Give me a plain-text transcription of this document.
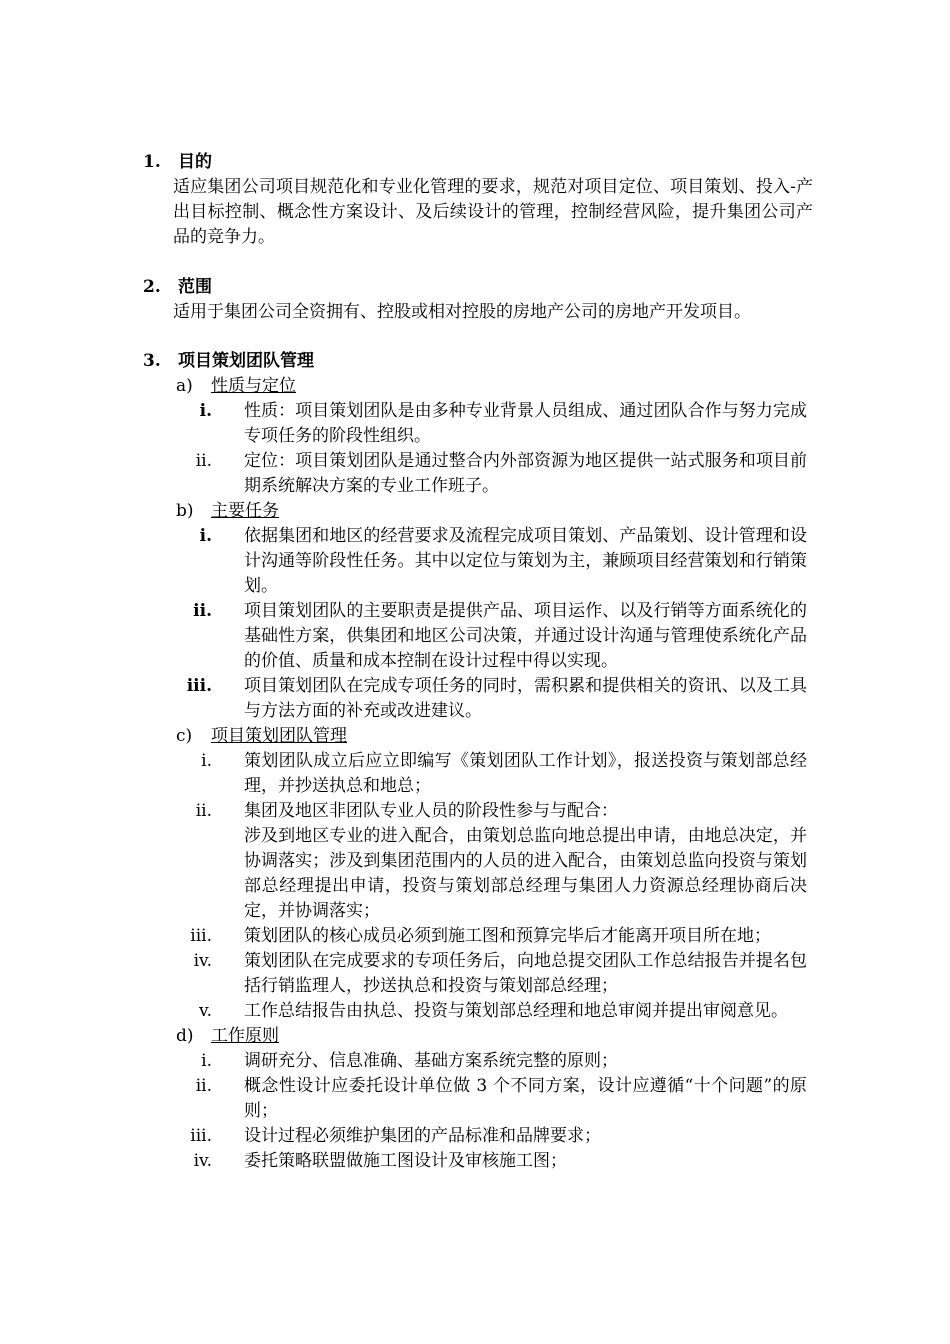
1. 目的
适应集团公司项目规范化和专业化管理的要求，规范对项目定位、项目策划、投入-产出目标控制、概念性方案设计、及后续设计的管理，控制经营风险，提升集团公司产品的竞争力。
2. 范围
适用于集团公司全资拥有、控股或相对控股的房地产公司的房地产开发项目。
3. 项目策划团队管理
a) 性质与定位
i. 性质：项目策划团队是由多种专业背景人员组成、通过团队合作与努力完成专项任务的阶段性组织。
ii. 定位：项目策划团队是通过整合内外部资源为地区提供一站式服务和项目前期系统解决方案的专业工作班子。
b) 主要任务
i. 依据集团和地区的经营要求及流程完成项目策划、产品策划、设计管理和设计沟通等阶段性任务。其中以定位与策划为主，兼顾项目经营策划和行销策划。
ii. 项目策划团队的主要职责是提供产品、项目运作、以及行销等方面系统化的基础性方案，供集团和地区公司决策，并通过设计沟通与管理使系统化产品的价值、质量和成本控制在设计过程中得以实现。
iii. 项目策划团队在完成专项任务的同时，需积累和提供相关的资讯、以及工具与方法方面的补充或改进建议。
c) 项目策划团队管理
i. 策划团队成立后应立即编写《策划团队工作计划》，报送投资与策划部总经理，并抄送执总和地总；
ii. 集团及地区非团队专业人员的阶段性参与与配合：
涉及到地区专业的进入配合，由策划总监向地总提出申请，由地总决定，并协调落实；涉及到集团范围内的人员的进入配合，由策划总监向投资与策划部总经理提出申请，投资与策划部总经理与集团人力资源总经理协商后决定，并协调落实；
iii. 策划团队的核心成员必须到施工图和预算完毕后才能离开项目所在地；
iv. 策划团队在完成要求的专项任务后，向地总提交团队工作总结报告并提名包括行销监理人，抄送执总和投资与策划部总经理；
v. 工作总结报告由执总、投资与策划部总经理和地总审阅并提出审阅意见。
d) 工作原则
i. 调研充分、信息准确、基础方案系统完整的原则；
ii. 概念性设计应委托设计单位做 3 个不同方案，设计应遵循“十个问题”的原则；
iii. 设计过程必须维护集团的产品标准和品牌要求；
iv. 委托策略联盟做施工图设计及审核施工图；
